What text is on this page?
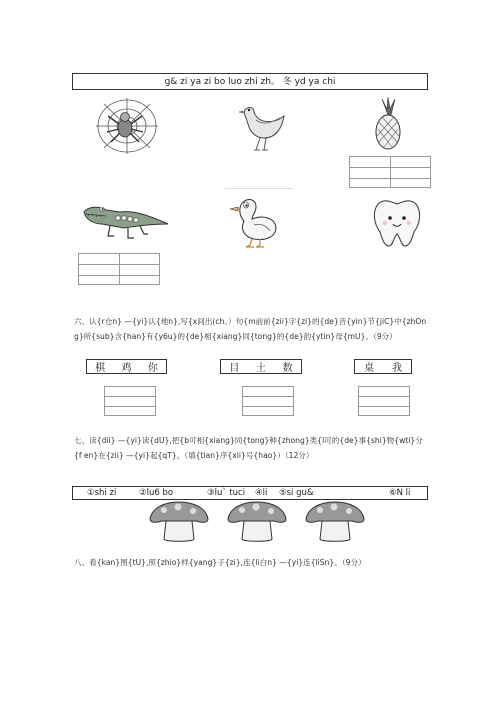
g& zi ya zi bo luo zhi zh。 冬 yd ya chi
六、认{r仓n} —{yi}认{地n},写{x间出(ch。）句{m前前{zii}字{zi}的{de}音{yin}节{jiC}中{zhOn g}所{sub}含{han}有{y6u}的{de}相{xiang}同{tong}的{de}韵{ytin}母{mU}。（9分）
棋 鸡 你	目 土 数	桌 我
七、读{dii} —{yi}读{dU},把{b可相{xiang}同{tong}种{zhong}类{l可的{de}事{shi}物{wti}分{f en}在{zii} —{yi}起{qT}。（填{tian}序{xii}号{hao}）（12分）
①shi zi	②lu6 bo	③lu` tuci ④li ⑤si gu&	⑥N li
八、看{kan}图{tU},照{zhio}样{yang}子{zi},连{li白n} —{yi}连{liSn}。（9分）
